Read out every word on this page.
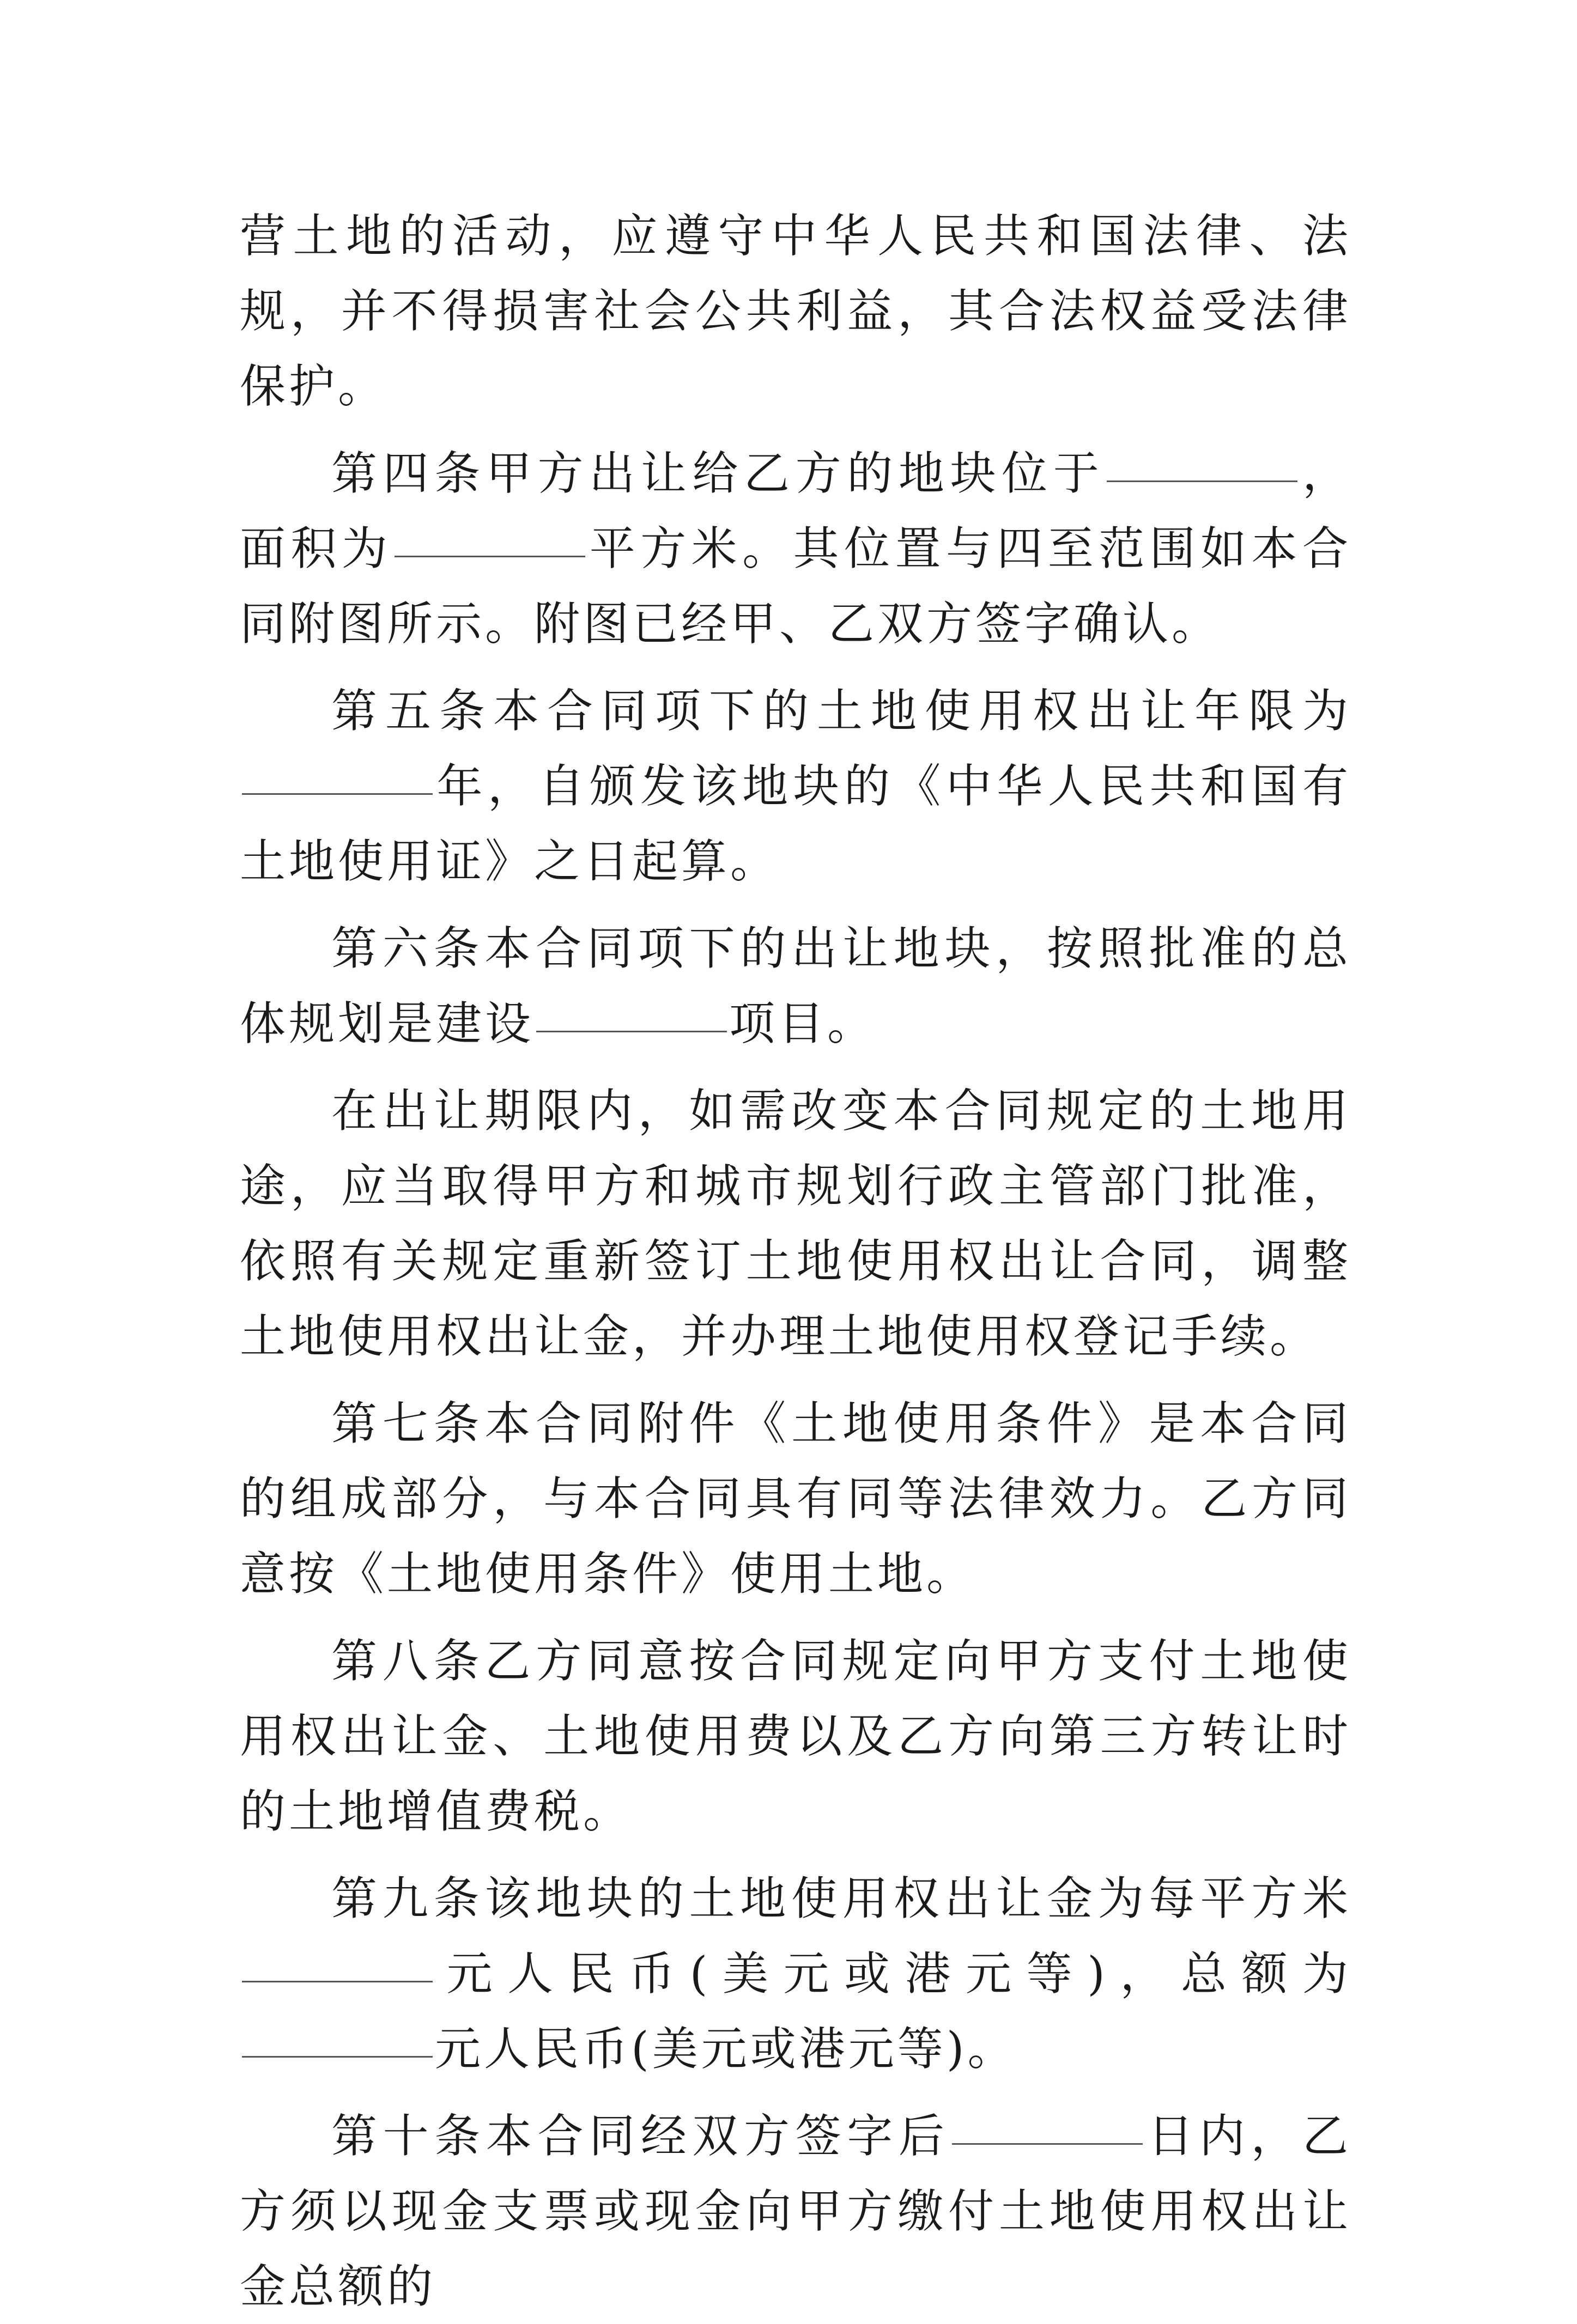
营土地的活动，应遵守中华人民共和国法律、法规，并不得损害社会公共利益，其合法权益受法律保护。

第四条甲方出让给乙方的地块位于	，面积为	平方米。其位置与四至范围如本合同附图所示。附图已经甲、乙双方签字确认。

第五条本合同项下的土地使用权出让年限为年，自颁发该地块的《中华人民共和国有土地使用证》之日起算。

第六条本合同项下的出让地块，按照批准的总体规划是建设	项目。

在出让期限内，如需改变本合同规定的土地用途，应当取得甲方和城市规划行政主管部门批准，依照有关规定重新签订土地使用权出让合同，调整土地使用权出让金，并办理土地使用权登记手续。

第七条本合同附件《土地使用条件》是本合同的组成部分，与本合同具有同等法律效力。乙方同意按《土地使用条件》使用土地。

第八条乙方同意按合同规定向甲方支付土地使用权出让金、土地使用费以及乙方向第三方转让时的土地增值费税。

第九条该地块的土地使用权出让金为每平方米元人民币(美元或港元等)，总额为元人民币(美元或港元等)。

第十条本合同经双方签字后	日内，乙方须以现金支票或现金向甲方缴付土地使用权出让金总额的
